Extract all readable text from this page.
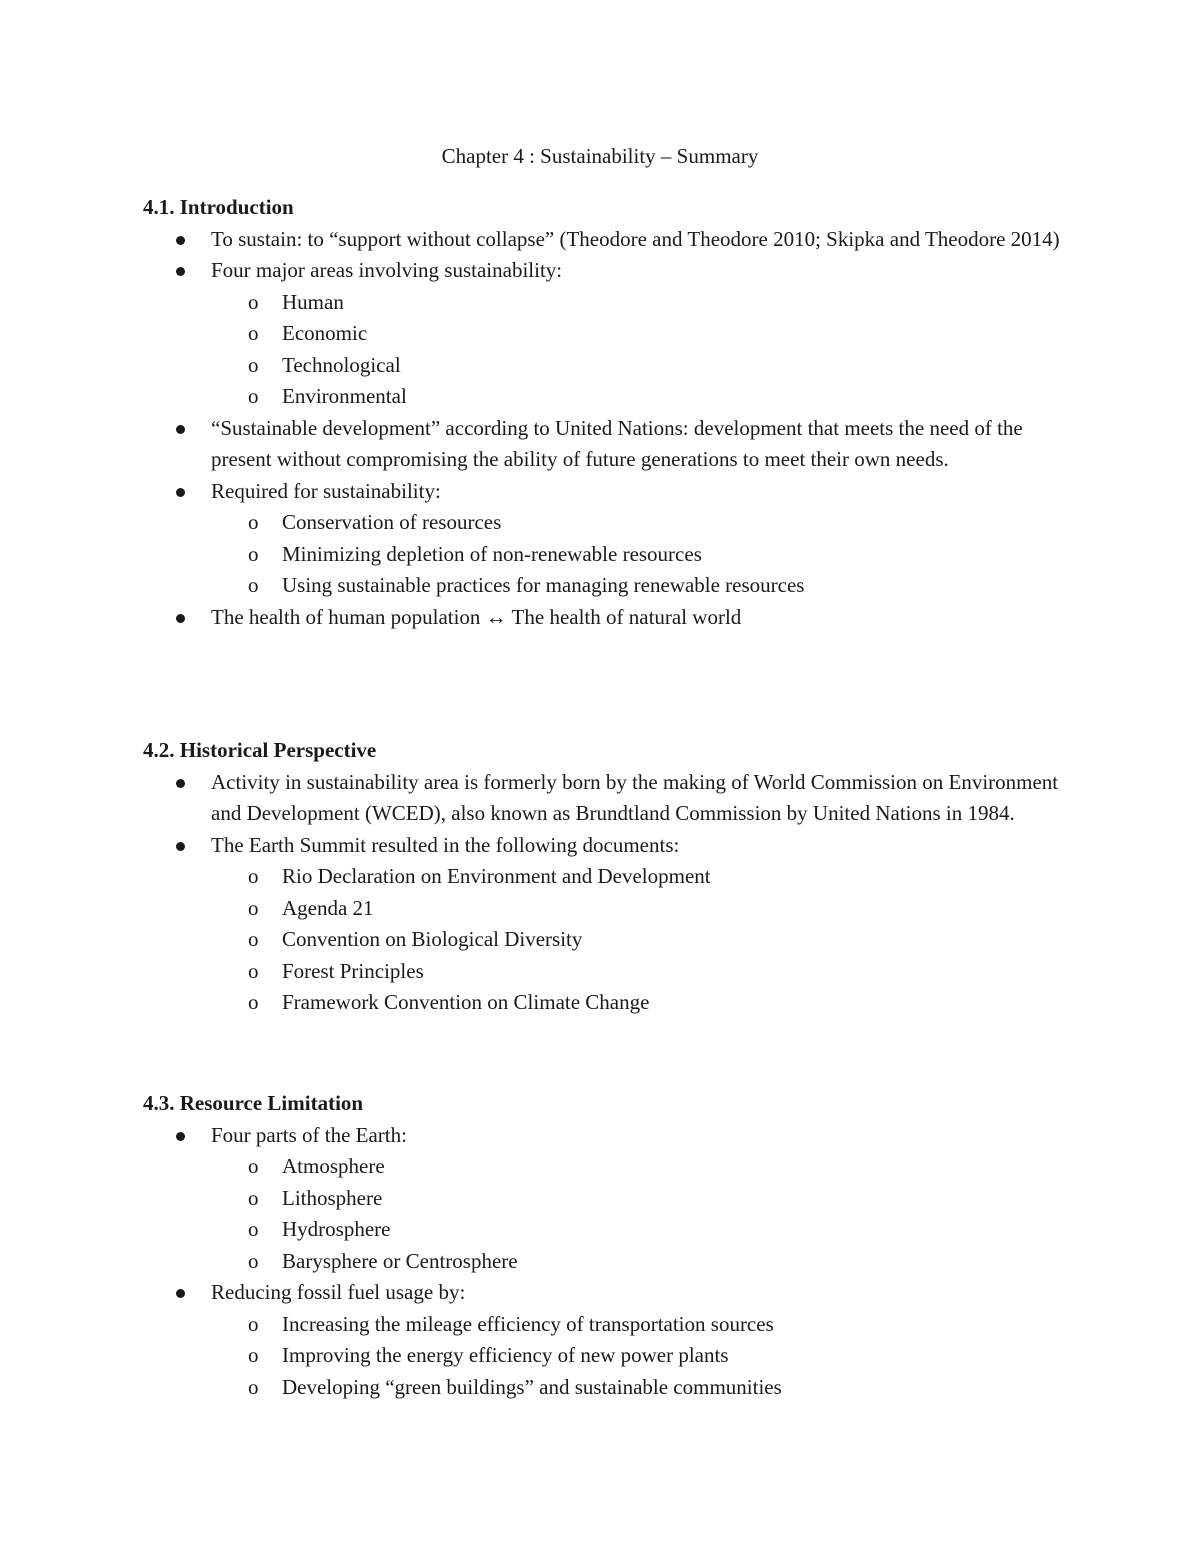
Chapter 4 : Sustainability – Summary

4.1. Introduction

To sustain: to “support without collapse” (Theodore and Theodore 2010; Skipka and Theodore 2014)
Four major areas involving sustainability:
o Human
o Economic
o Technological
o Environmental
“Sustainable development” according to United Nations: development that meets the need of the present without compromising the ability of future generations to meet their own needs.
Required for sustainability:
o Conservation of resources
o Minimizing depletion of non-renewable resources
o Using sustainable practices for managing renewable resources
The health of human population ↔ The health of natural world

4.2. Historical Perspective

Activity in sustainability area is formerly born by the making of World Commission on Environment and Development (WCED), also known as Brundtland Commission by United Nations in 1984.
The Earth Summit resulted in the following documents:
o Rio Declaration on Environment and Development
o Agenda 21
o Convention on Biological Diversity
o Forest Principles
o Framework Convention on Climate Change

4.3. Resource Limitation

Four parts of the Earth:
o Atmosphere
o Lithosphere
o Hydrosphere
o Barysphere or Centrosphere
Reducing fossil fuel usage by:
o Increasing the mileage efficiency of transportation sources
o Improving the energy efficiency of new power plants
o Developing “green buildings” and sustainable communities
